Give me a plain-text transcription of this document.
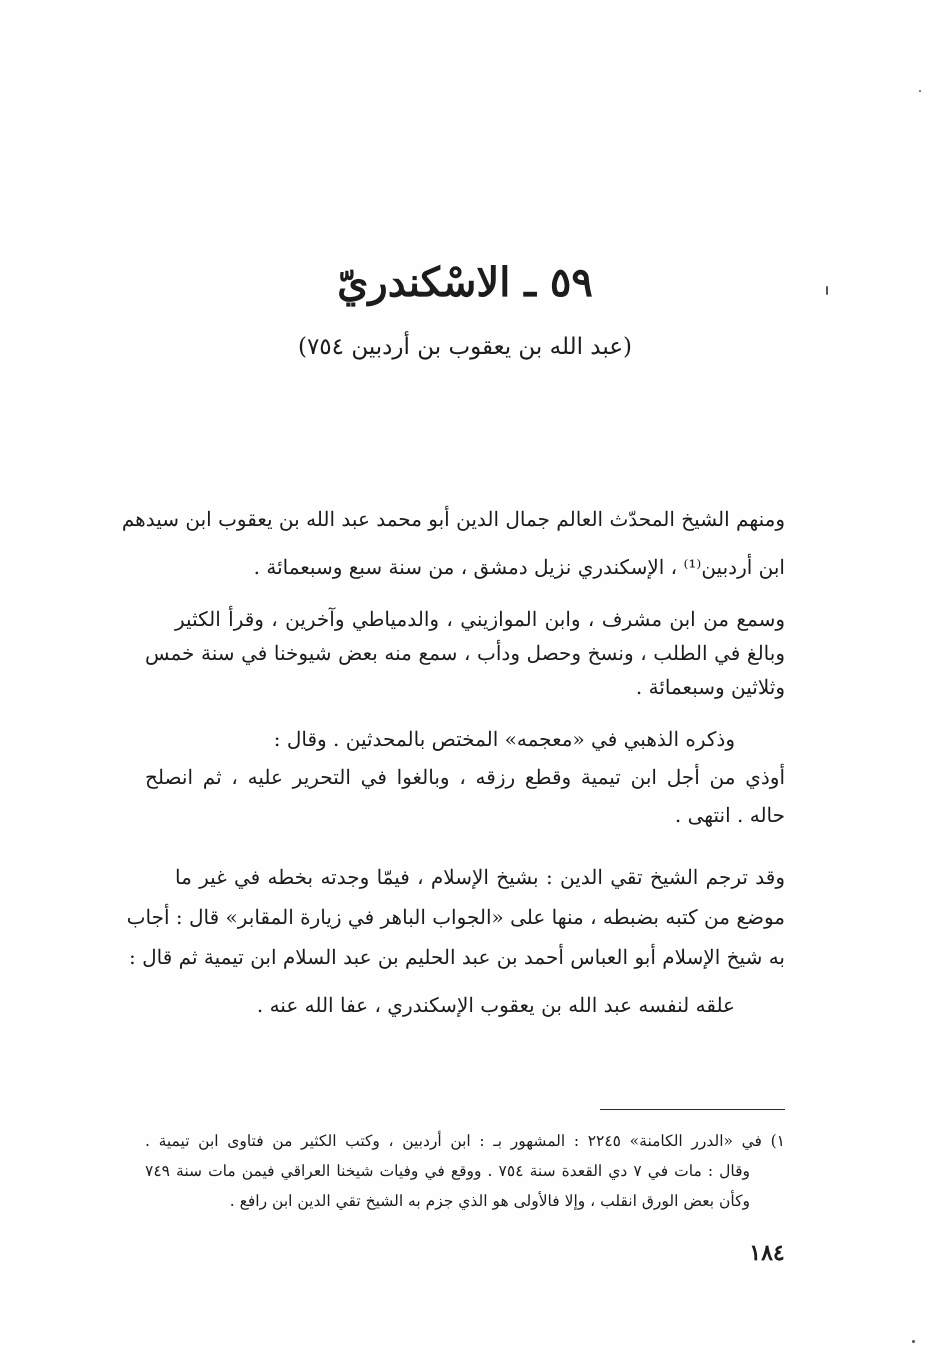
٥٩ ـ الاسْكندريّ
(عبد الله بن يعقوب بن أردبين ٧٥٤)
ومنهم الشيخ المحدّث العالم جمال الدين أبو محمد عبد الله بن يعقوب ابن سيدهم
ابن أردبين⁽¹⁾ ، الإسكندري نزيل دمشق ، من سنة سبع وسبعمائة .
وسمع من ابن مشرف ، وابن الموازيني ، والدمياطي وآخرين ، وقرأ الكثير
وبالغ في الطلب ، ونسخ وحصل ودأب ، سمع منه بعض شيوخنا في سنة خمس
وثلاثين وسبعمائة .
وذكره الذهبي في «معجمه» المختص بالمحدثين . وقال :
أوذي من أجل ابن تيمية وقطع رزقه ، وبالغوا في التحرير عليه ، ثم انصلح
حاله . انتهى .
وقد ترجم الشيخ تقي الدين : بشيخ الإسلام ، فيمّا وجدته بخطه في غير ما
موضع من كتبه بضبطه ، منها على «الجواب الباهر في زيارة المقابر» قال : أجاب
به شيخ الإسلام أبو العباس أحمد بن عبد الحليم بن عبد السلام ابن تيمية ثم قال :
علقه لنفسه عبد الله بن يعقوب الإسكندري ، عفا الله عنه .
١) في «الدرر الكامنة» ٢٢٤٥ : المشهور بـ : ابن أردبين ، وكتب الكثير من فتاوى ابن تيمية .
وقال : مات في ٧ دي القعدة سنة ٧٥٤ . ووقع في وفيات شيخنا العراقي فيمن مات سنة ٧٤٩
وكأن بعض الورق انقلب ، وإلا فالأولى هو الذي جزم به الشيخ تقي الدين ابن رافع .
١٨٤
